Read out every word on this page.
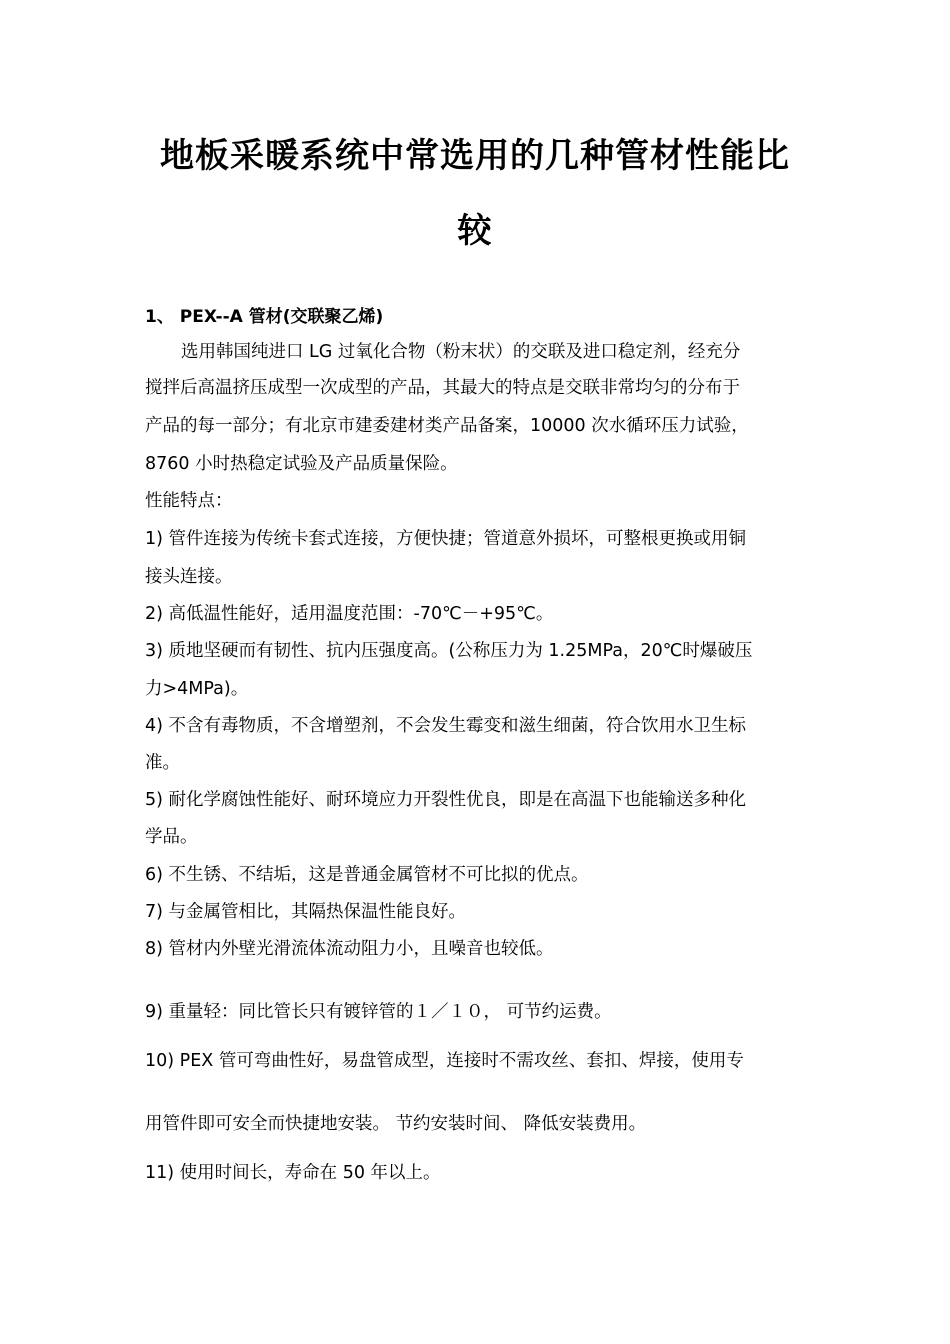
地板采暖系统中常选用的几种管材性能比
较
1、 PEX--A 管材(交联聚乙烯)
选用韩国纯进口 LG 过氧化合物（粉末状）的交联及进口稳定剂，经充分
搅拌后高温挤压成型一次成型的产品，其最大的特点是交联非常均匀的分布于
产品的每一部分；有北京市建委建材类产品备案，10000 次水循环压力试验，
8760 小时热稳定试验及产品质量保险。
性能特点：
1) 管件连接为传统卡套式连接，方便快捷；管道意外损坏，可整根更换或用铜
接头连接。
2) 高低温性能好，适用温度范围：-70℃－+95℃。
3) 质地坚硬而有韧性、抗内压强度高。(公称压力为 1.25MPa，20℃时爆破压
力>4MPa)。
4) 不含有毒物质，不含增塑剂，不会发生霉变和滋生细菌，符合饮用水卫生标
准。
5) 耐化学腐蚀性能好、耐环境应力开裂性优良，即是在高温下也能输送多种化
学品。
6) 不生锈、不结垢，这是普通金属管材不可比拟的优点。
7) 与金属管相比，其隔热保温性能良好。
8) 管材内外壁光滑流体流动阻力小，且噪音也较低。
9) 重量轻：同比管长只有镀锌管的１／１０， 可节约运费。
10) PEX 管可弯曲性好，易盘管成型，连接时不需攻丝、套扣、焊接，使用专
用管件即可安全而快捷地安装。 节约安装时间、 降低安装费用。
11) 使用时间长，寿命在 50 年以上。
